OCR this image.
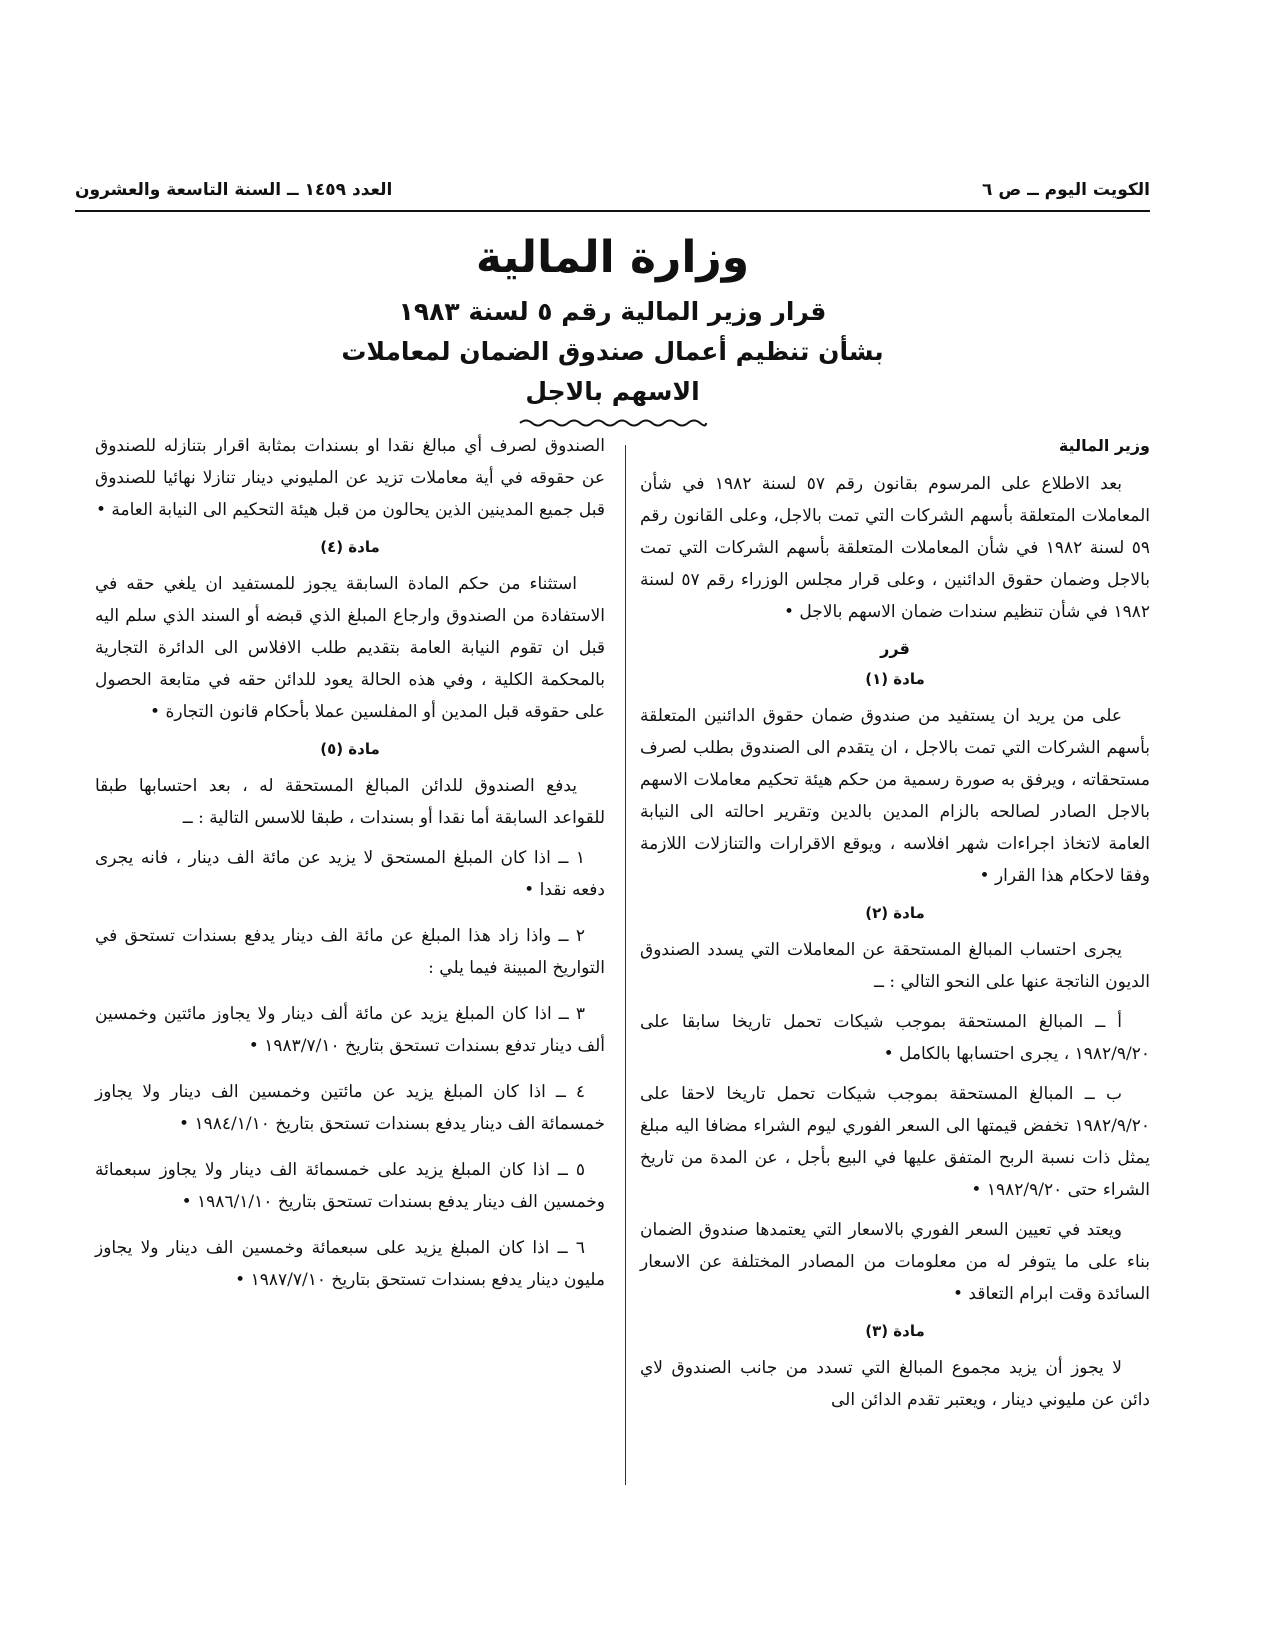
الكويت اليوم ــ ص ٦
العدد ١٤٥٩ ــ السنة التاسعة والعشرون
وزارة المالية
قرار وزير المالية رقم ٥ لسنة ١٩٨٣
بشأن تنظيم أعمال صندوق الضمان لمعاملات
الاسهم بالاجل
وزير المالية

بعد الاطلاع على المرسوم بقانون رقم ٥٧ لسنة ١٩٨٢ في شأن المعاملات المتعلقة بأسهم الشركات التي تمت بالاجل، وعلى القانون رقم ٥٩ لسنة ١٩٨٢ في شأن المعاملات المتعلقة بأسهم الشركات التي تمت بالاجل وضمان حقوق الدائنين ، وعلى قرار مجلس الوزراء رقم ٥٧ لسنة ١٩٨٢ في شأن تنظيم سندات ضمان الاسهم بالاجل •

قرر
مادة (١)

على من يريد ان يستفيد من صندوق ضمان حقوق الدائنين المتعلقة بأسهم الشركات التي تمت بالاجل ، ان يتقدم الى الصندوق بطلب لصرف مستحقاته ، ويرفق به صورة رسمية من حكم هيئة تحكيم معاملات الاسهم بالاجل الصادر لصالحه بالزام المدين بالدين وتقرير احالته الى النيابة العامة لاتخاذ اجراءات شهر افلاسه ، ويوقع الاقرارات والتنازلات اللازمة وفقا لاحكام هذا القرار •

مادة (٢)

يجرى احتساب المبالغ المستحقة عن المعاملات التي يسدد الصندوق الديون الناتجة عنها على النحو التالي : ــ

أ ــ المبالغ المستحقة بموجب شيكات تحمل تاريخا سابقا على ١٩٨٢/٩/٢٠ ، يجرى احتسابها بالكامل •

ب ــ المبالغ المستحقة بموجب شيكات تحمل تاريخا لاحقا على ١٩٨٢/٩/٢٠ تخفض قيمتها الى السعر الفوري ليوم الشراء مضافا اليه مبلغ يمثل ذات نسبة الربح المتفق عليها في البيع بأجل ، عن المدة من تاريخ الشراء حتى ١٩٨٢/٩/٢٠ •

ويعتد في تعيين السعر الفوري بالاسعار التي يعتمدها صندوق الضمان بناء على ما يتوفر له من معلومات من المصادر المختلفة عن الاسعار السائدة وقت ابرام التعاقد •

مادة (٣)

لا يجوز أن يزيد مجموع المبالغ التي تسدد من جانب الصندوق لاي دائن عن مليوني دينار ، ويعتبر تقدم الدائن الى

الصندوق لصرف أي مبالغ نقدا او بسندات بمثابة اقرار بتنازله للصندوق عن حقوقه في أية معاملات تزيد عن المليوني دينار تنازلا نهائيا للصندوق قبل جميع المدينين الذين يحالون من قبل هيئة التحكيم الى النيابة العامة •

مادة (٤)

استثناء من حكم المادة السابقة يجوز للمستفيد ان يلغي حقه في الاستفادة من الصندوق وارجاع المبلغ الذي قبضه أو السند الذي سلم اليه قبل ان تقوم النيابة العامة بتقديم طلب الافلاس الى الدائرة التجارية بالمحكمة الكلية ، وفي هذه الحالة يعود للدائن حقه في متابعة الحصول على حقوقه قبل المدين أو المفلسين عملا بأحكام قانون التجارة •

مادة (٥)

يدفع الصندوق للدائن المبالغ المستحقة له ، بعد احتسابها طبقا للقواعد السابقة أما نقدا أو بسندات ، طبقا للاسس التالية : ــ

١ ــ اذا كان المبلغ المستحق لا يزيد عن مائة الف دينار ، فانه يجرى دفعه نقدا •

٢ ــ واذا زاد هذا المبلغ عن مائة الف دينار يدفع بسندات تستحق في التواريخ المبينة فيما يلي :

٣ ــ اذا كان المبلغ يزيد عن مائة ألف دينار ولا يجاوز مائتين وخمسين ألف دينار تدفع بسندات تستحق بتاريخ ١٩٨٣/٧/١٠ •

٤ ــ اذا كان المبلغ يزيد عن مائتين وخمسين الف دينار ولا يجاوز خمسمائة الف دينار يدفع بسندات تستحق بتاريخ ١٩٨٤/١/١٠ •

٥ ــ اذا كان المبلغ يزيد على خمسمائة الف دينار ولا يجاوز سبعمائة وخمسين الف دينار يدفع بسندات تستحق بتاريخ ١٩٨٦/١/١٠ •

٦ ــ اذا كان المبلغ يزيد على سبعمائة وخمسين الف دينار ولا يجاوز مليون دينار يدفع بسندات تستحق بتاريخ ١٩٨٧/٧/١٠ •
